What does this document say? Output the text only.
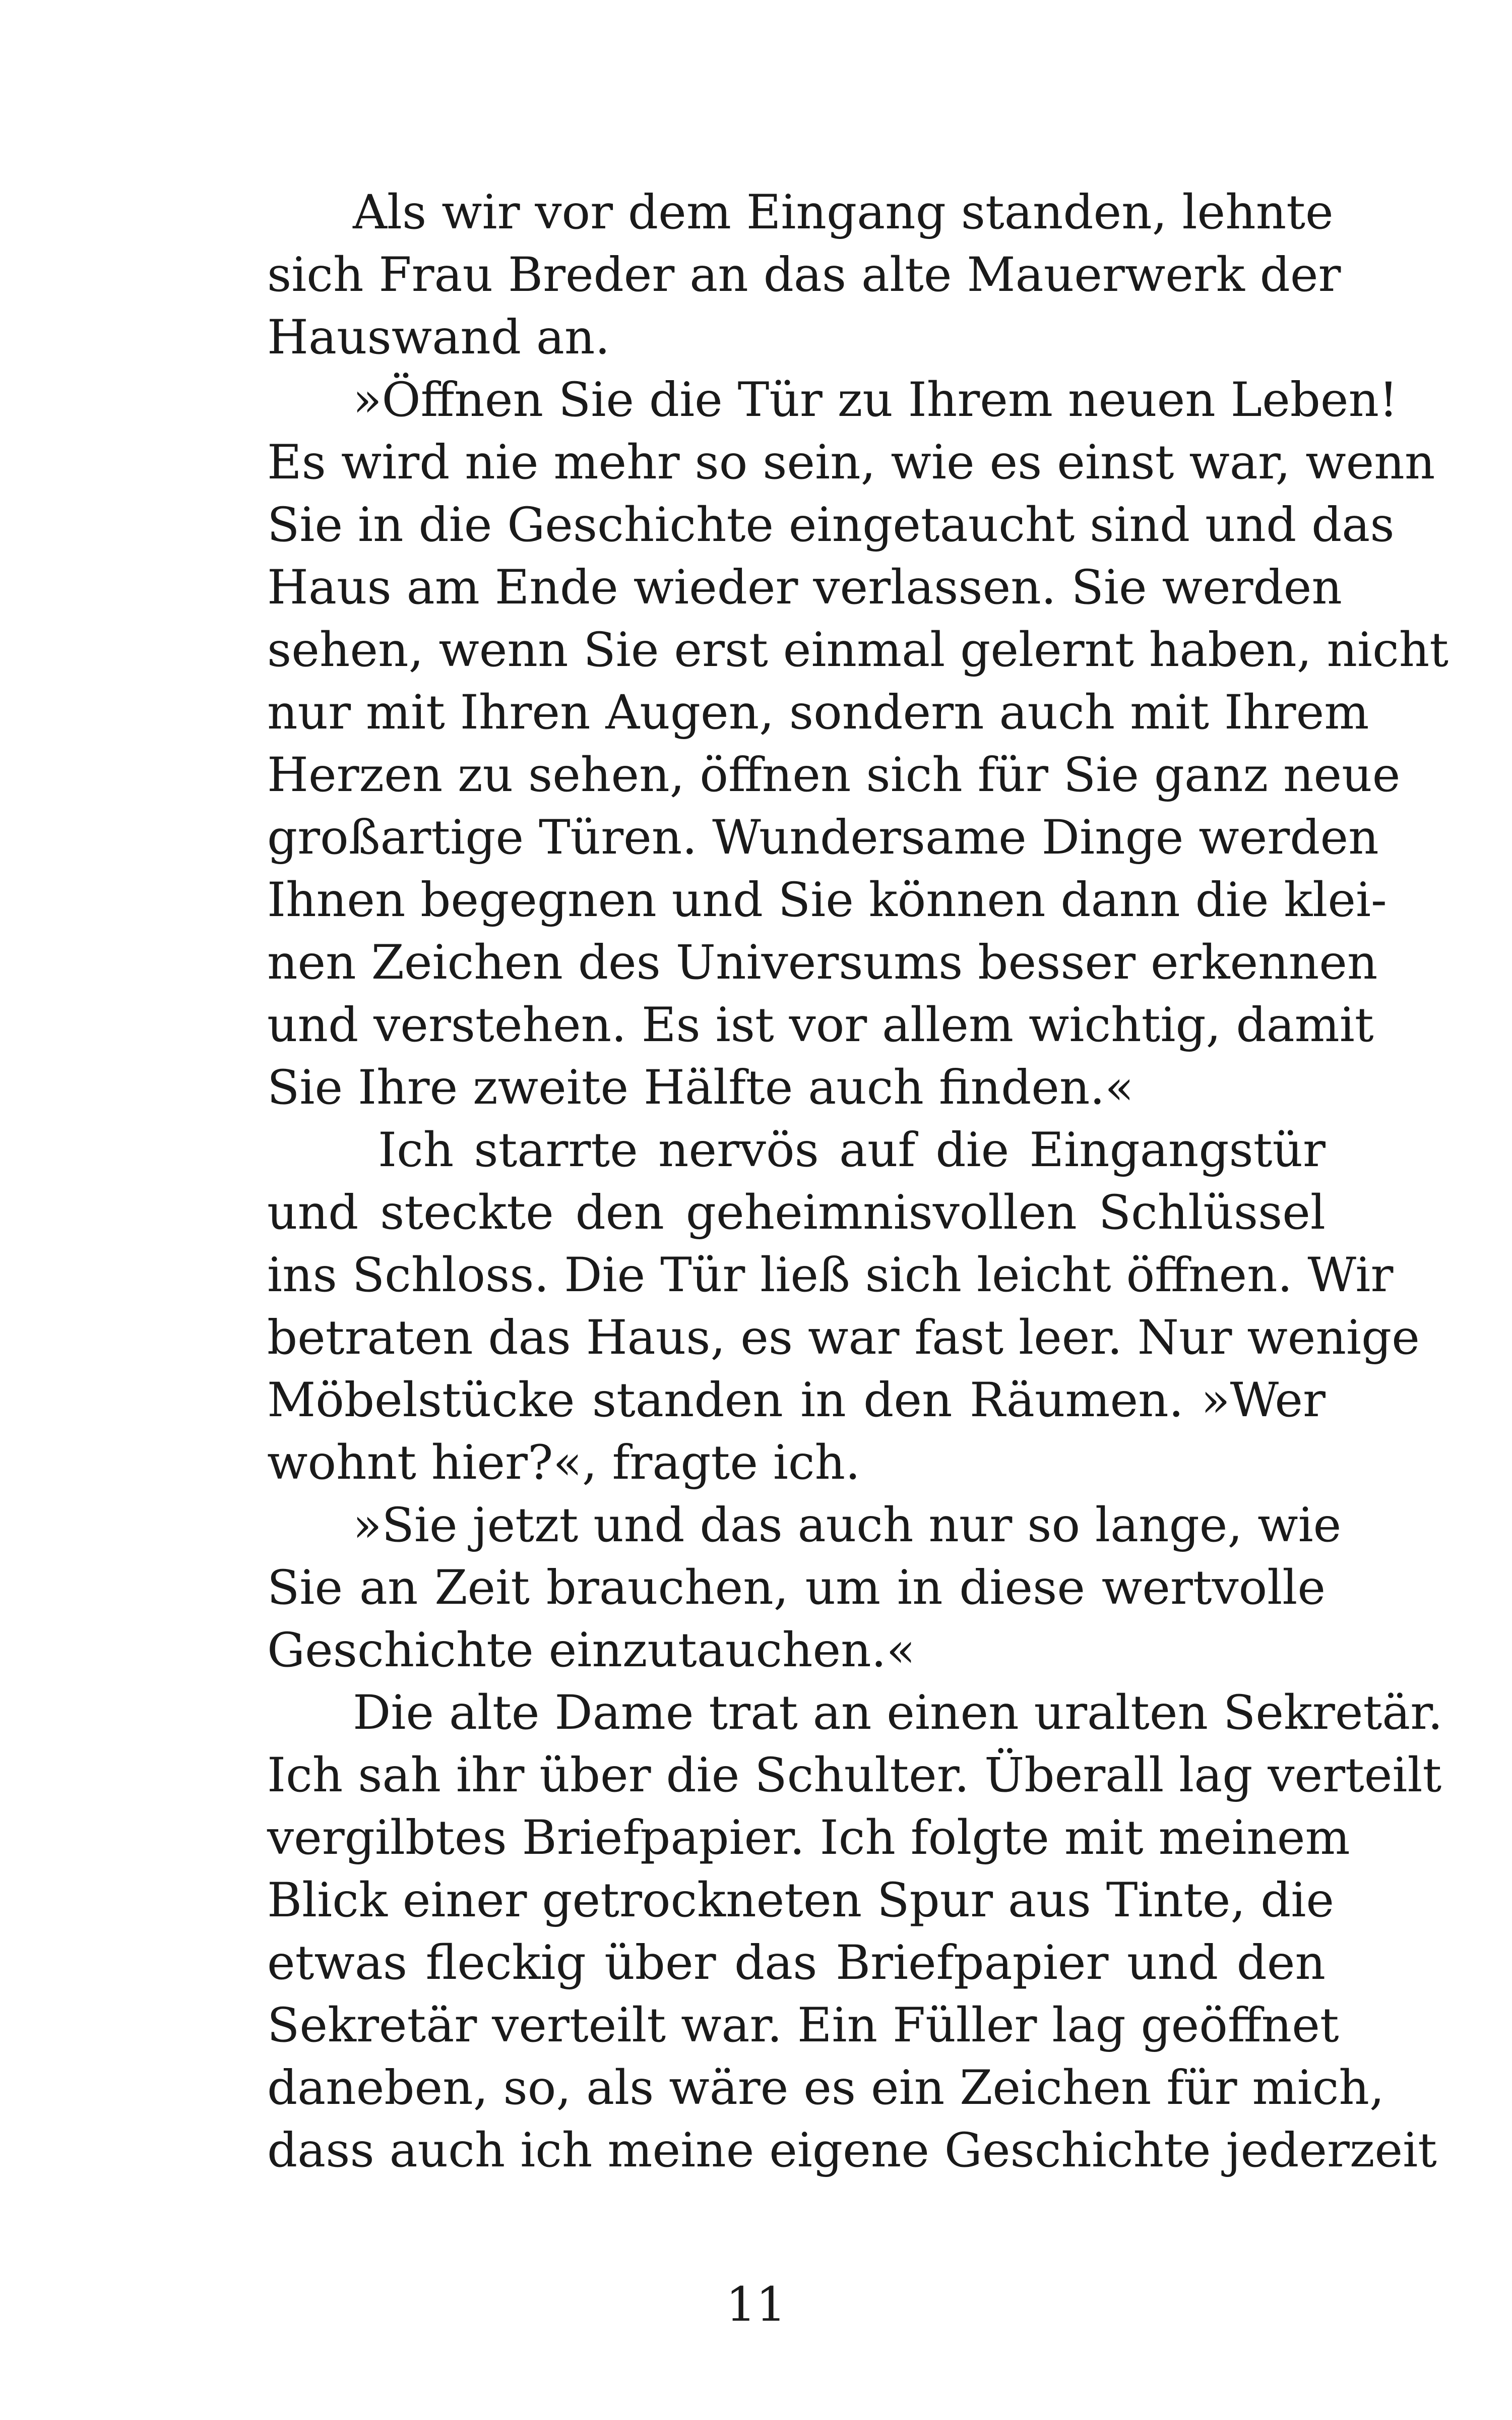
Als wir vor dem Eingang standen, lehnte
sich Frau Breder an das alte Mauerwerk der
Hauswand an.
»Öffnen Sie die Tür zu Ihrem neuen Leben!
Es wird nie mehr so sein, wie es einst war, wenn
Sie in die Geschichte eingetaucht sind und das
Haus am Ende wieder verlassen. Sie werden
sehen, wenn Sie erst einmal gelernt haben, nicht
nur mit Ihren Augen, sondern auch mit Ihrem
Herzen zu sehen, öffnen sich für Sie ganz neue
großartige Türen. Wundersame Dinge werden
Ihnen begegnen und Sie können dann die klei-
nen Zeichen des Universums besser erkennen
und verstehen. Es ist vor allem wichtig, damit
Sie Ihre zweite Hälfte auch finden.«
Ich starrte nervös auf die Eingangstür
und steckte den geheimnisvollen Schlüssel
ins Schloss. Die Tür ließ sich leicht öffnen. Wir
betraten das Haus, es war fast leer. Nur wenige
Möbelstücke standen in den Räumen. »Wer
wohnt hier?«, fragte ich.
»Sie jetzt und das auch nur so lange, wie
Sie an Zeit brauchen, um in diese wertvolle
Geschichte einzutauchen.«
Die alte Dame trat an einen uralten Sekretär.
Ich sah ihr über die Schulter. Überall lag verteilt
vergilbtes Briefpapier. Ich folgte mit meinem
Blick einer getrockneten Spur aus Tinte, die
etwas fleckig über das Briefpapier und den
Sekretär verteilt war. Ein Füller lag geöffnet
daneben, so, als wäre es ein Zeichen für mich,
dass auch ich meine eigene Geschichte jederzeit
11
